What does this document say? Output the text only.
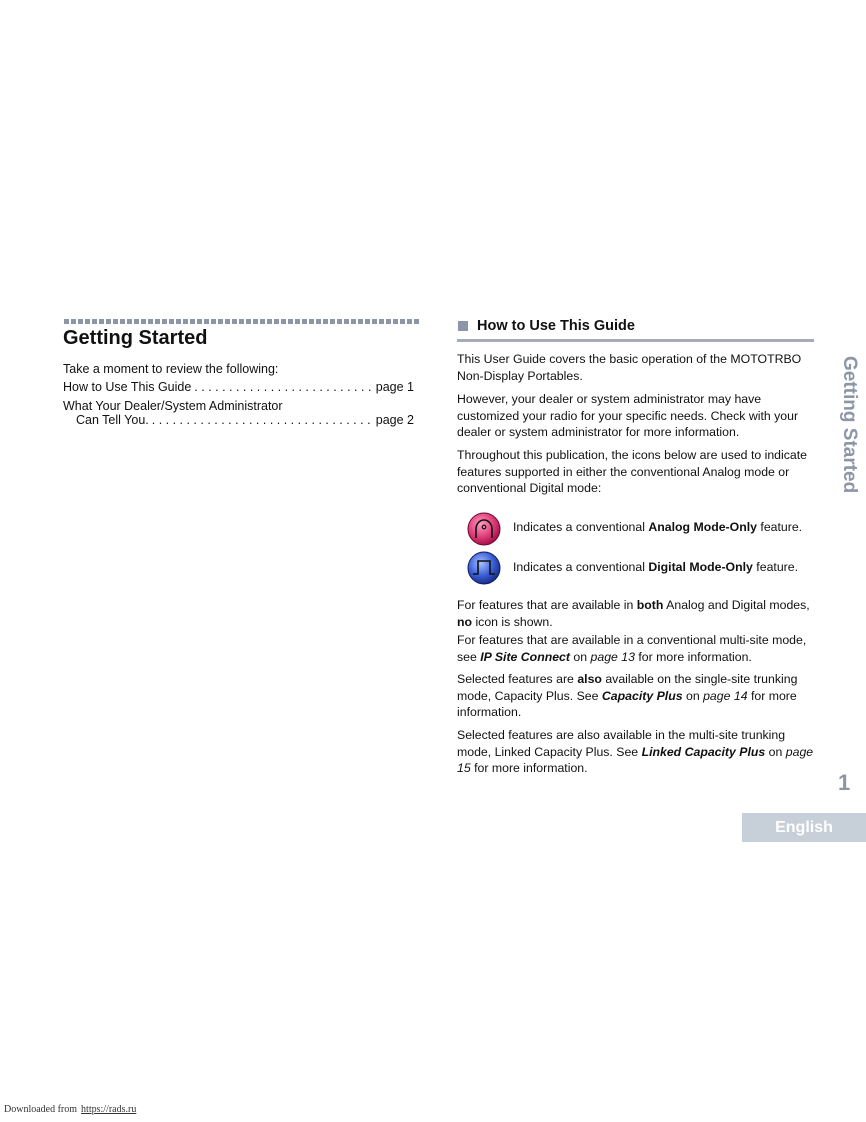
Getting Started
Take a moment to review the following:
How to Use This Guide . . .	page 1
What Your Dealer/System Administrator
Can Tell You. . . .	page 2
How to Use This Guide

This User Guide covers the basic operation of the MOTOTRBO Non-Display Portables.

However, your dealer or system administrator may have customized your radio for your specific needs. Check with your dealer or system administrator for more information.

Throughout this publication, the icons below are used to indicate features supported in either the conventional Analog mode or conventional Digital mode:

Indicates a conventional Analog Mode-Only feature.
Indicates a conventional Digital Mode-Only feature.

For features that are available in both Analog and Digital modes, no icon is shown.

For features that are available in a conventional multi-site mode, see IP Site Connect on page 13 for more information.

Selected features are also available on the single-site trunking mode, Capacity Plus. See Capacity Plus on page 14 for more information.

Selected features are also available in the multi-site trunking mode, Linked Capacity Plus. See Linked Capacity Plus on page 15 for more information.

Getting Started
1
English
Downloaded from https://rads.ru
